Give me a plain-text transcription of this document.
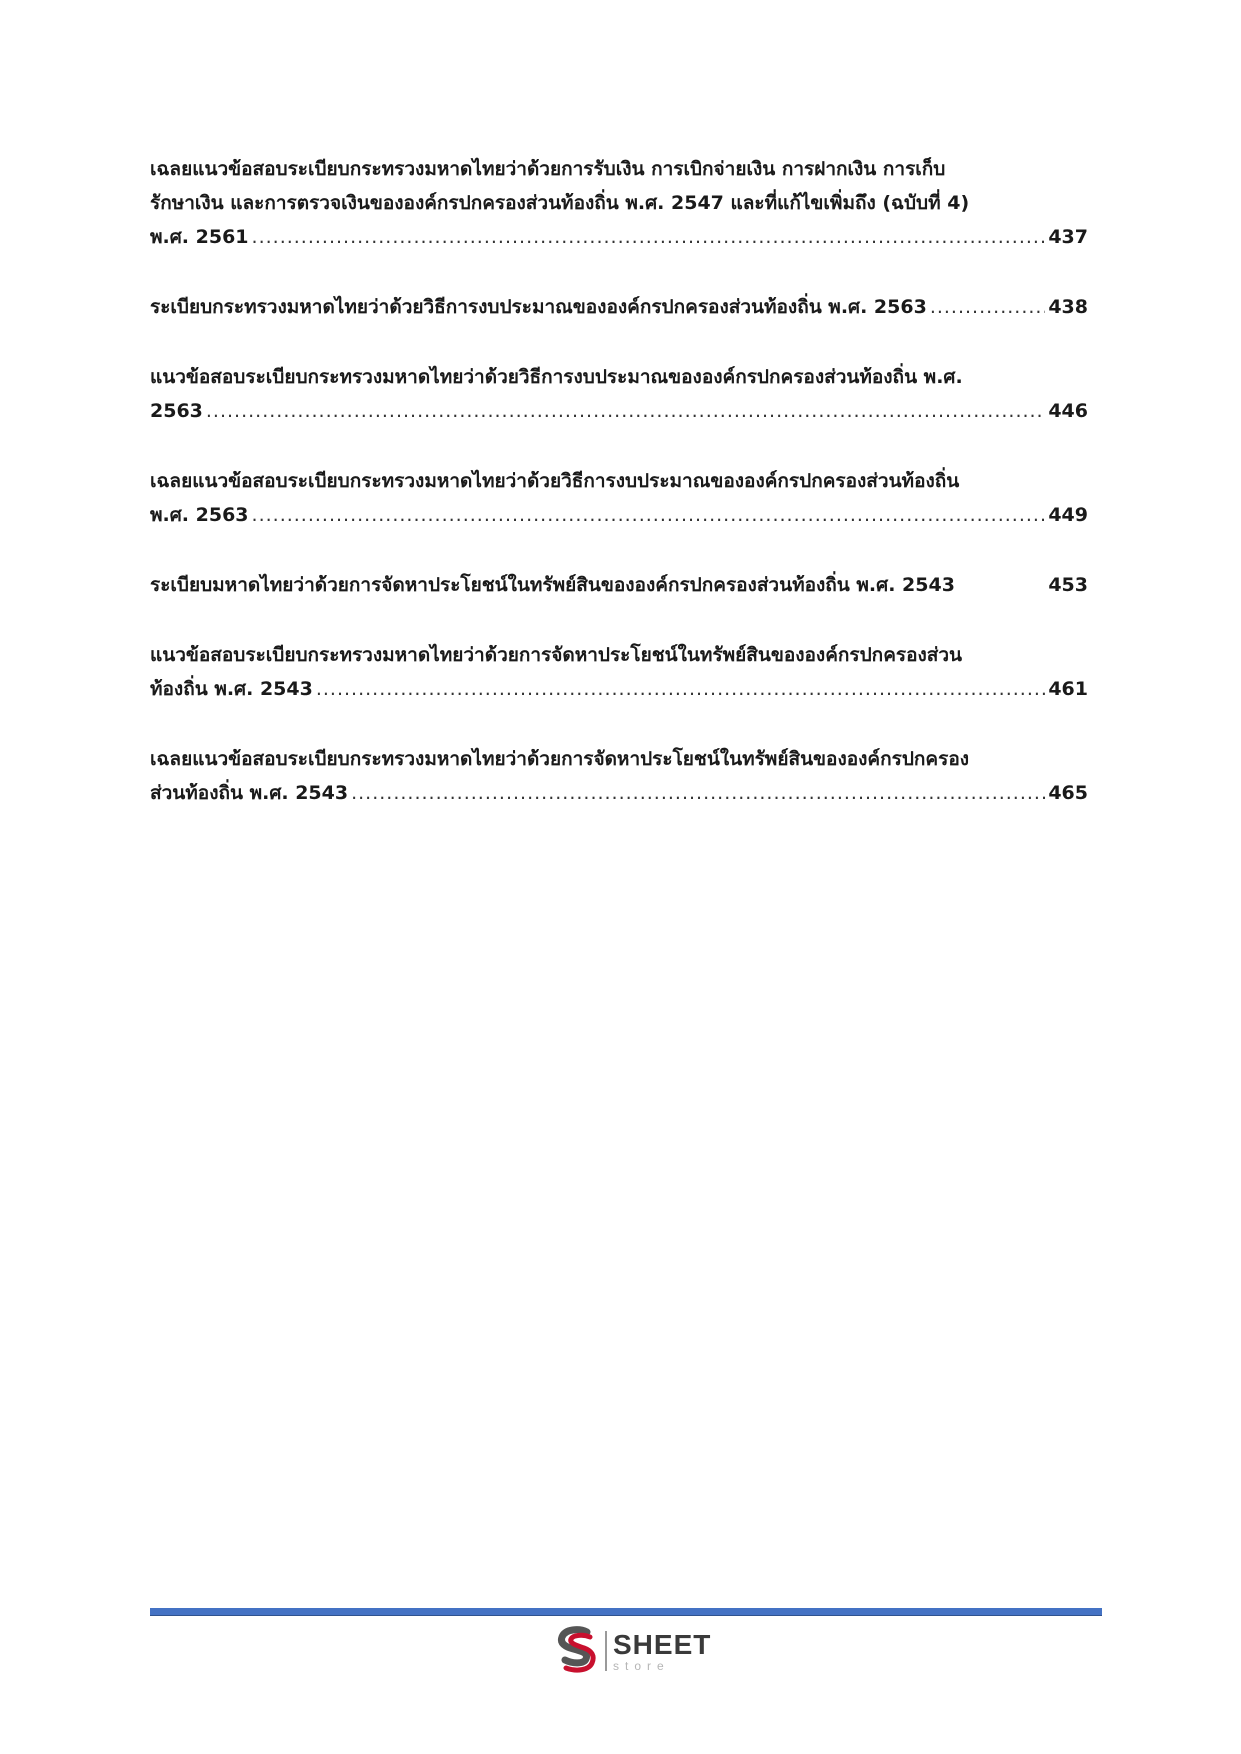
เฉลยแนวข้อสอบระเบียบกระทรวงมหาดไทยว่าด้วยการรับเงิน การเบิกจ่ายเงิน การฝากเงิน การเก็บ
รักษาเงิน และการตรวจเงินขององค์กรปกครองส่วนท้องถิ่น พ.ศ. 2547 และที่แก้ไขเพิ่มถึง (ฉบับที่ 4)
พ.ศ. 2561 .....	437
ระเบียบกระทรวงมหาดไทยว่าด้วยวิธีการงบประมาณขององค์กรปกครองส่วนท้องถิ่น พ.ศ. 2563 .....	438
แนวข้อสอบระเบียบกระทรวงมหาดไทยว่าด้วยวิธีการงบประมาณขององค์กรปกครองส่วนท้องถิ่น พ.ศ.
2563 .....	446
เฉลยแนวข้อสอบระเบียบกระทรวงมหาดไทยว่าด้วยวิธีการงบประมาณขององค์กรปกครองส่วนท้องถิ่น
พ.ศ. 2563 .....	449
ระเบียบมหาดไทยว่าด้วยการจัดหาประโยชน์ในทรัพย์สินขององค์กรปกครองส่วนท้องถิ่น พ.ศ. 2543	453
แนวข้อสอบระเบียบกระทรวงมหาดไทยว่าด้วยการจัดหาประโยชน์ในทรัพย์สินขององค์กรปกครองส่วน
ท้องถิ่น พ.ศ. 2543 .....	461
เฉลยแนวข้อสอบระเบียบกระทรวงมหาดไทยว่าด้วยการจัดหาประโยชน์ในทรัพย์สินขององค์กรปกครอง
ส่วนท้องถิ่น พ.ศ. 2543 .....	465
SHEET
store
